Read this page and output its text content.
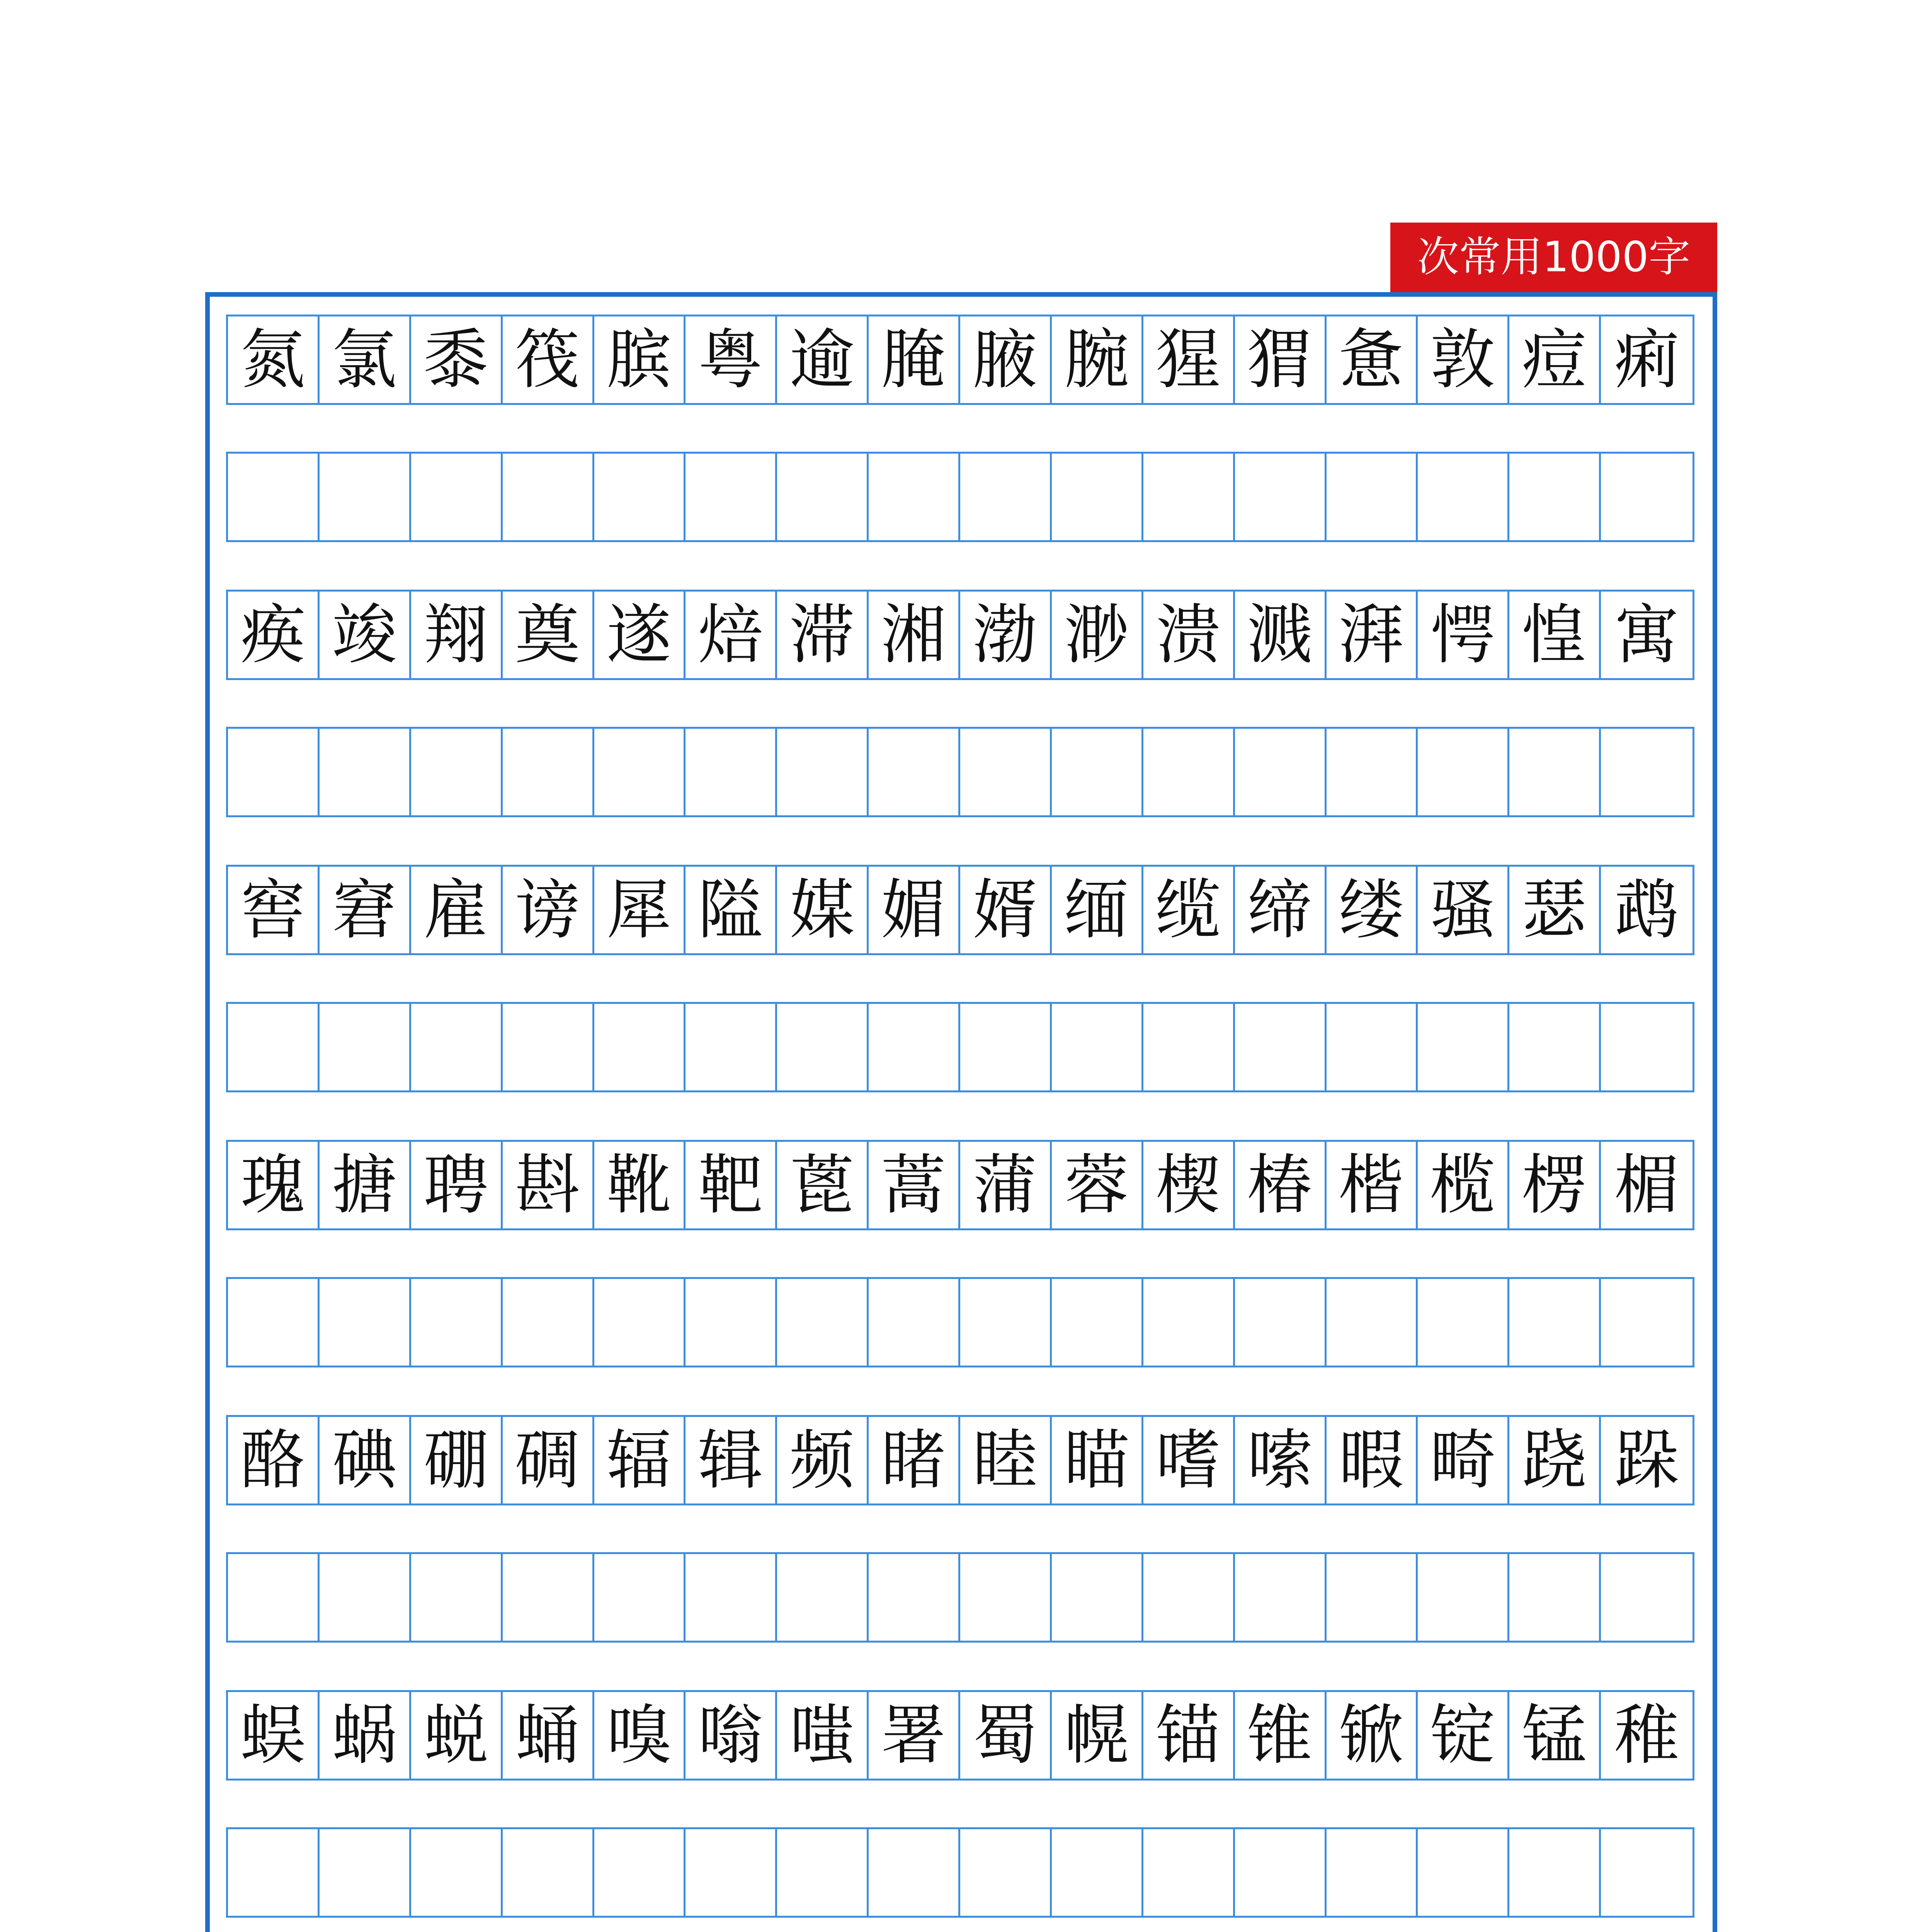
次常用1000字
氮 氯 黍 筏 膑 粤 逾 腌 腋 腕 猩 猬 惫 敦 痘 痢
痪 竣 翔 奠 遂 焙 滞 湘 渤 渺 溃 溅 湃 愕 惶 寓
窖 窘 雇 谤 犀 隘 媒 媚 婿 缅 缆 缔 缕 骚 瑟 鹉
瑰 搪 聘 斟 靴 靶 蓖 蒿 蒲 蓉 楔 椿 楷 榄 楞 楣
酪 碘 硼 碉 辐 辑 频 睹 睦 瞄 嗜 嗦 暇 畸 跷 跺
蜈 蜗 蜕 蛹 嗅 嗡 嗤 署 蜀 幌 锚 锥 锨 锭 锰 稚
